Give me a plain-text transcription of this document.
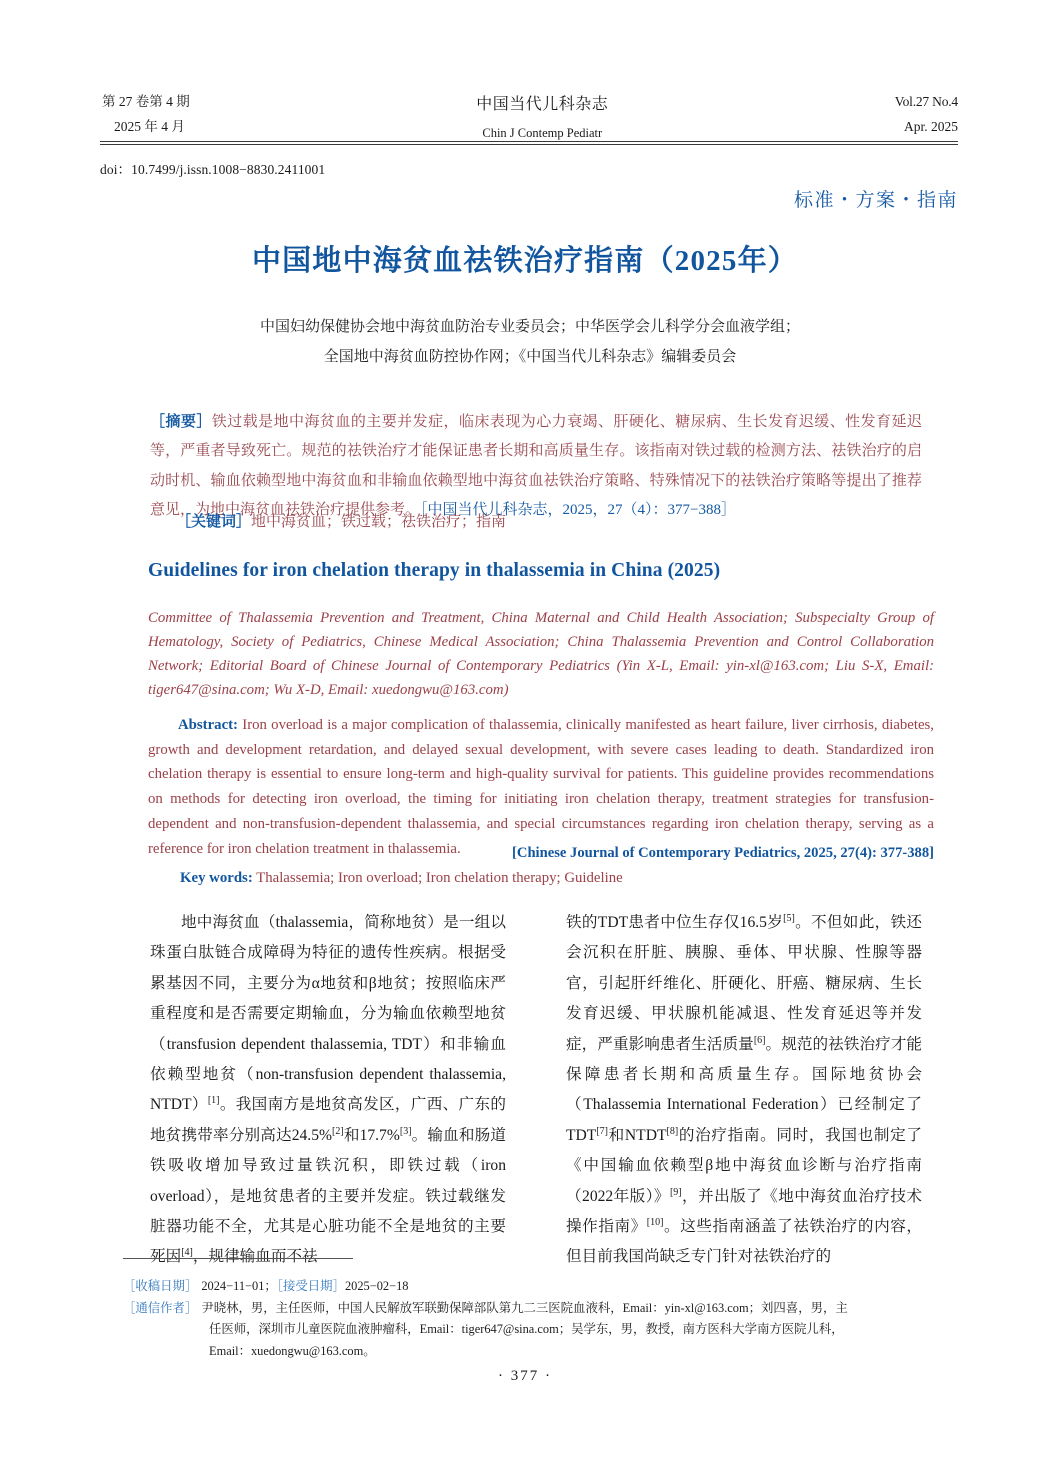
第 27 卷第 4 期
2025 年 4 月
中国当代儿科杂志
Chin J Contemp Pediatr
Vol.27 No.4
Apr. 2025
doi：10.7499/j.issn.1008−8830.2411001
标准・方案・指南
中国地中海贫血祛铁治疗指南（2025年）
中国妇幼保健协会地中海贫血防治专业委员会；中华医学会儿科学分会血液学组；
全国地中海贫血防控协作网；《中国当代儿科杂志》编辑委员会
［摘要］铁过载是地中海贫血的主要并发症，临床表现为心力衰竭、肝硬化、糖尿病、生长发育迟缓、性发育延迟等，严重者导致死亡。规范的祛铁治疗才能保证患者长期和高质量生存。该指南对铁过载的检测方法、祛铁治疗的启动时机、输血依赖型地中海贫血和非输血依赖型地中海贫血祛铁治疗策略、特殊情况下的祛铁治疗策略等提出了推荐意见，为地中海贫血祛铁治疗提供参考。［中国当代儿科杂志，2025，27（4）：377−388］
［关键词］地中海贫血；铁过载；祛铁治疗；指南
Guidelines for iron chelation therapy in thalassemia in China (2025)
Committee of Thalassemia Prevention and Treatment, China Maternal and Child Health Association; Subspecialty Group of Hematology, Society of Pediatrics, Chinese Medical Association; China Thalassemia Prevention and Control Collaboration Network; Editorial Board of Chinese Journal of Contemporary Pediatrics (Yin X-L, Email: yin-xl@163.com; Liu S-X, Email: tiger647@sina.com; Wu X-D, Email: xuedongwu@163.com)
Abstract: Iron overload is a major complication of thalassemia, clinically manifested as heart failure, liver cirrhosis, diabetes, growth and development retardation, and delayed sexual development, with severe cases leading to death. Standardized iron chelation therapy is essential to ensure long-term and high-quality survival for patients. This guideline provides recommendations on methods for detecting iron overload, the timing for initiating iron chelation therapy, treatment strategies for transfusion-dependent and non-transfusion-dependent thalassemia, and special circumstances regarding iron chelation therapy, serving as a reference for iron chelation treatment in thalassemia.	[Chinese Journal of Contemporary Pediatrics, 2025, 27(4): 377-388]
Key words: Thalassemia; Iron overload; Iron chelation therapy; Guideline

地中海贫血（thalassemia，简称地贫）是一组以珠蛋白肽链合成障碍为特征的遗传性疾病。根据受累基因不同，主要分为α地贫和β地贫；按照临床严重程度和是否需要定期输血，分为输血依赖型地贫（transfusion dependent thalassemia, TDT）和非输血依赖型地贫（non-transfusion dependent thalassemia, NTDT）[1]。我国南方是地贫高发区，广西、广东的地贫携带率分别高达24.5%[2]和17.7%[3]。输血和肠道铁吸收增加导致过量铁沉积，即铁过载（iron overload），是地贫患者的主要并发症。铁过载继发脏器功能不全，尤其是心脏功能不全是地贫的主要死因[4]，规律输血而不祛

铁的TDT患者中位生存仅16.5岁[5]。不但如此，铁还会沉积在肝脏、胰腺、垂体、甲状腺、性腺等器官，引起肝纤维化、肝硬化、肝癌、糖尿病、生长发育迟缓、甲状腺机能减退、性发育延迟等并发症，严重影响患者生活质量[6]。规范的祛铁治疗才能保障患者长期和高质量生存。国际地贫协会（Thalassemia International Federation）已经制定了TDT[7]和NTDT[8]的治疗指南。同时，我国也制定了《中国输血依赖型β地中海贫血诊断与治疗指南（2022年版）》[9]，并出版了《地中海贫血治疗技术操作指南》[10]。这些指南涵盖了祛铁治疗的内容，但目前我国尚缺乏专门针对祛铁治疗的

［收稿日期］ 2024−11−01；［接受日期］2025−02−18
［通信作者］ 尹晓林，男，主任医师，中国人民解放军联勤保障部队第九二三医院血液科，Email：yin-xl@163.com；刘四喜，男，主
任医师，深圳市儿童医院血液肿瘤科，Email：tiger647@sina.com；吴学东，男，教授，南方医科大学南方医院儿科，
Email：xuedongwu@163.com。
· 377 ·
